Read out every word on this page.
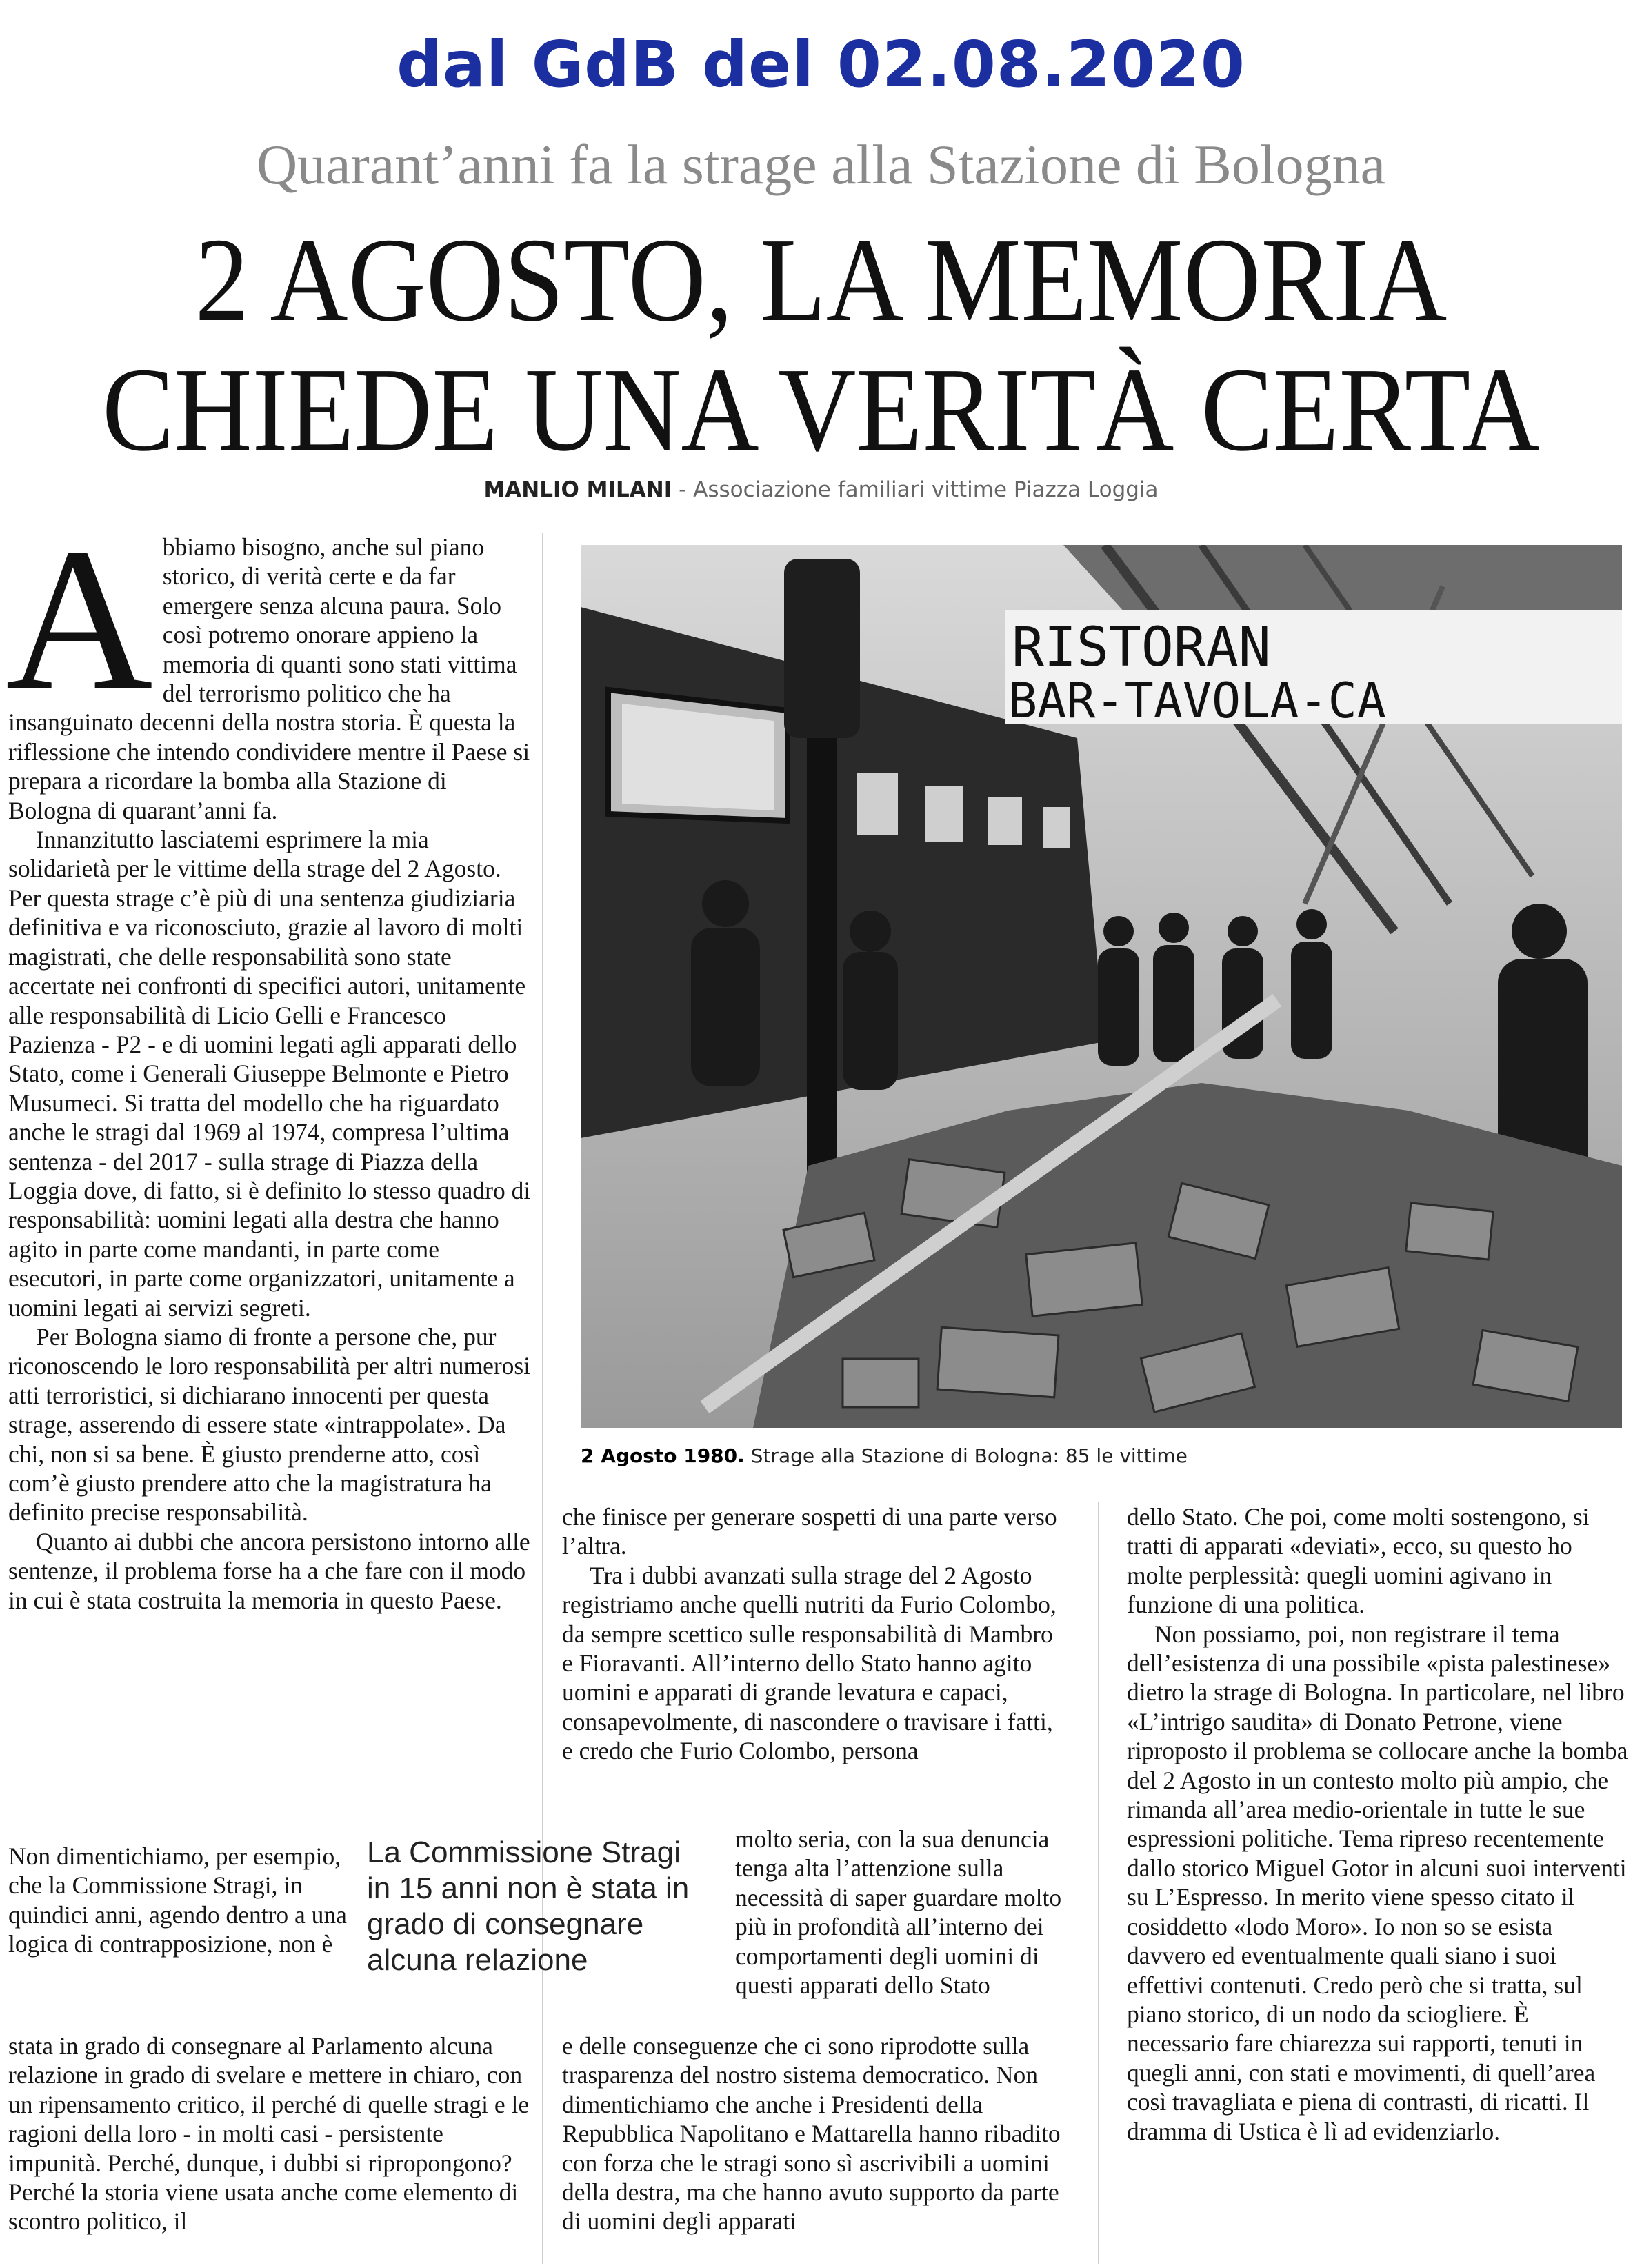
dal GdB del 02.08.2020
Quarant’anni fa la strage alla Stazione di Bologna
2 AGOSTO, LA MEMORIA
CHIEDE UNA VERITÀ CERTA
MANLIO MILANI - Associazione familiari vittime Piazza Loggia
A bbiamo bisogno, anche sul piano storico, di verità certe e da far emergere senza alcuna paura. Solo così potremo onorare appieno la memoria di quanti sono stati vittima del terrorismo politico che ha insanguinato decenni della nostra storia. È questa la riflessione che intendo condividere mentre il Paese si prepara a ricordare la bomba alla Stazione di Bologna di quarant’anni fa.

Innanzitutto lasciatemi esprimere la mia solidarietà per le vittime della strage del 2 Agosto. Per questa strage c’è più di una sentenza giudiziaria definitiva e va riconosciuto, grazie al lavoro di molti magistrati, che delle responsabilità sono state accertate nei confronti di specifici autori, unitamente alle responsabilità di Licio Gelli e Francesco Pazienza - P2 - e di uomini legati agli apparati dello Stato, come i Generali Giuseppe Belmonte e Pietro Musumeci. Si tratta del modello che ha riguardato anche le stragi dal 1969 al 1974, compresa l’ultima sentenza - del 2017 - sulla strage di Piazza della Loggia dove, di fatto, si è definito lo stesso quadro di responsabilità: uomini legati alla destra che hanno agito in parte come mandanti, in parte come esecutori, in parte come organizzatori, unitamente a uomini legati ai servizi segreti.

Per Bologna siamo di fronte a persone che, pur riconoscendo le loro responsabilità per altri numerosi atti terroristici, si dichiarano innocenti per questa strage, asserendo di essere state «intrappolate». Da chi, non si sa bene. È giusto prenderne atto, così com’è giusto prendere atto che la magistratura ha definito precise responsabilità.

Quanto ai dubbi che ancora persistono intorno alle sentenze, il problema forse ha a che fare con il modo in cui è stata costruita la memoria in questo Paese.

Non dimentichiamo, per esempio, che la Commissione Stragi, in quindici anni, agendo dentro a una logica di contrapposizione, non è

stata in grado di consegnare al Parlamento alcuna relazione in grado di svelare e mettere in chiaro, con un ripensamento critico, il perché di quelle stragi e le ragioni della loro - in molti casi - persistente impunità. Perché, dunque, i dubbi si ripropongono? Perché la storia viene usata anche come elemento di scontro politico, il

La Commissione Stragi in 15 anni non è stata in grado di consegnare alcuna relazione
RISTORAN
BAR-TAVOLA-CA
2 Agosto 1980. Strage alla Stazione di Bologna: 85 le vittime

che finisce per generare sospetti di una parte verso l’altra.

Tra i dubbi avanzati sulla strage del 2 Agosto registriamo anche quelli nutriti da Furio Colombo, da sempre scettico sulle responsabilità di Mambro e Fioravanti. All’interno dello Stato hanno agito uomini e apparati di grande levatura e capaci, consapevolmente, di nascondere o travisare i fatti, e credo che Furio Colombo, persona

molto seria, con la sua denuncia tenga alta l’attenzione sulla necessità di saper guardare molto più in profondità all’interno dei comportamenti degli uomini di questi apparati dello Stato

e delle conseguenze che ci sono riprodotte sulla trasparenza del nostro sistema democratico. Non dimentichiamo che anche i Presidenti della Repubblica Napolitano e Mattarella hanno ribadito con forza che le stragi sono sì ascrivibili a uomini della destra, ma che hanno avuto supporto da parte di uomini degli apparati

dello Stato. Che poi, come molti sostengono, si tratti di apparati «deviati», ecco, su questo ho molte perplessità: quegli uomini agivano in funzione di una politica.

Non possiamo, poi, non registrare il tema dell’esistenza di una possibile «pista palestinese» dietro la strage di Bologna. In particolare, nel libro «L’intrigo saudita» di Donato Petrone, viene riproposto il problema se collocare anche la bomba del 2 Agosto in un contesto molto più ampio, che rimanda all’area medio-orientale in tutte le sue espressioni politiche. Tema ripreso recentemente dallo storico Miguel Gotor in alcuni suoi interventi su L’Espresso. In merito viene spesso citato il cosiddetto «lodo Moro». Io non so se esista davvero ed eventualmente quali siano i suoi effettivi contenuti. Credo però che si tratta, sul piano storico, di un nodo da sciogliere. È necessario fare chiarezza sui rapporti, tenuti in quegli anni, con stati e movimenti, di quell’area così travagliata e piena di contrasti, di ricatti. Il dramma di Ustica è lì ad evidenziarlo.
